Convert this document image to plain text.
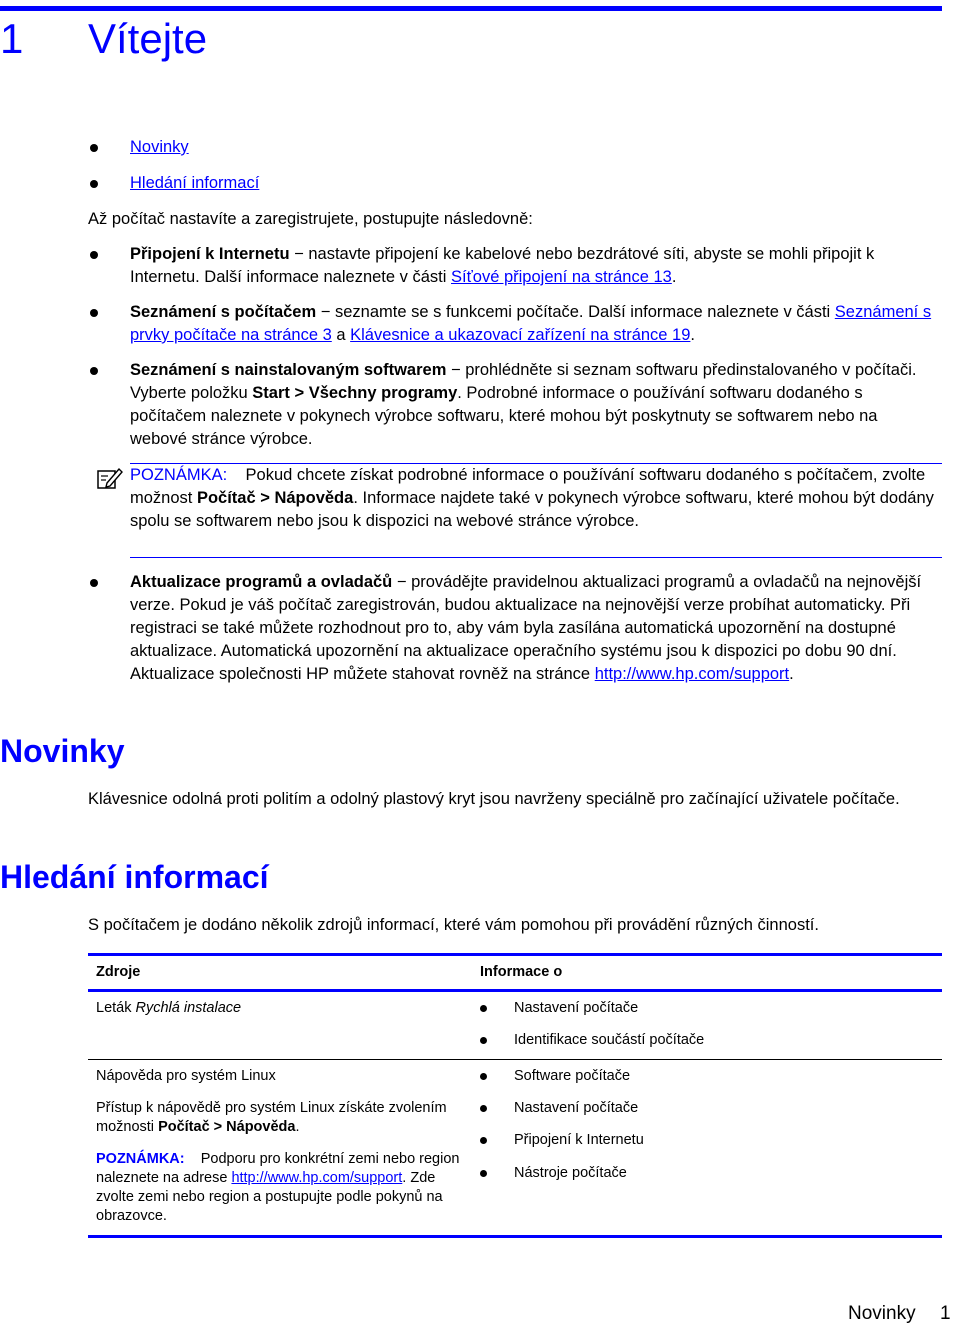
1 Vítejte
Novinky
Hledání informací
Až počítač nastavíte a zaregistrujete, postupujte následovně:
Připojení k Internetu − nastavte připojení ke kabelové nebo bezdrátové síti, abyste se mohli připojit k Internetu. Další informace naleznete v části Síťové připojení na stránce 13.
Seznámení s počítačem − seznamte se s funkcemi počítače. Další informace naleznete v části Seznámení s prvky počítače na stránce 3 a Klávesnice a ukazovací zařízení na stránce 19.
Seznámení s nainstalovaným softwarem − prohlédněte si seznam softwaru předinstalovaného v počítači. Vyberte položku Start > Všechny programy. Podrobné informace o používání softwaru dodaného s počítačem naleznete v pokynech výrobce softwaru, které mohou být poskytnuty se softwarem nebo na webové stránce výrobce.
POZNÁMKA: Pokud chcete získat podrobné informace o používání softwaru dodaného s počítačem, zvolte možnost Počítač > Nápověda. Informace najdete také v pokynech výrobce softwaru, které mohou být dodány spolu se softwarem nebo jsou k dispozici na webové stránce výrobce.
Aktualizace programů a ovladačů − provádějte pravidelnou aktualizaci programů a ovladačů na nejnovější verze. Pokud je váš počítač zaregistrován, budou aktualizace na nejnovější verze probíhat automaticky. Při registraci se také můžete rozhodnout pro to, aby vám byla zasílána automatická upozornění na dostupné aktualizace. Automatická upozornění na aktualizace operačního systému jsou k dispozici po dobu 90 dní. Aktualizace společnosti HP můžete stahovat rovněž na stránce http://www.hp.com/support.
Novinky
Klávesnice odolná proti politím a odolný plastový kryt jsou navrženy speciálně pro začínající uživatele počítače.
Hledání informací
S počítačem je dodáno několik zdrojů informací, které vám pomohou při provádění různých činností.
Zdroje	Informace o
Leták Rychlá instalace	Nastavení počítače
Identifikace součástí počítače
Nápověda pro systém Linux
Přístup k nápovědě pro systém Linux získáte zvolením možnosti Počítač > Nápověda.
POZNÁMKA: Podporu pro konkrétní zemi nebo region naleznete na adrese http://www.hp.com/support. Zde zvolte zemi nebo region a postupujte podle pokynů na obrazovce.
Software počítače
Nastavení počítače
Připojení k Internetu
Nástroje počítače
Novinky 1
